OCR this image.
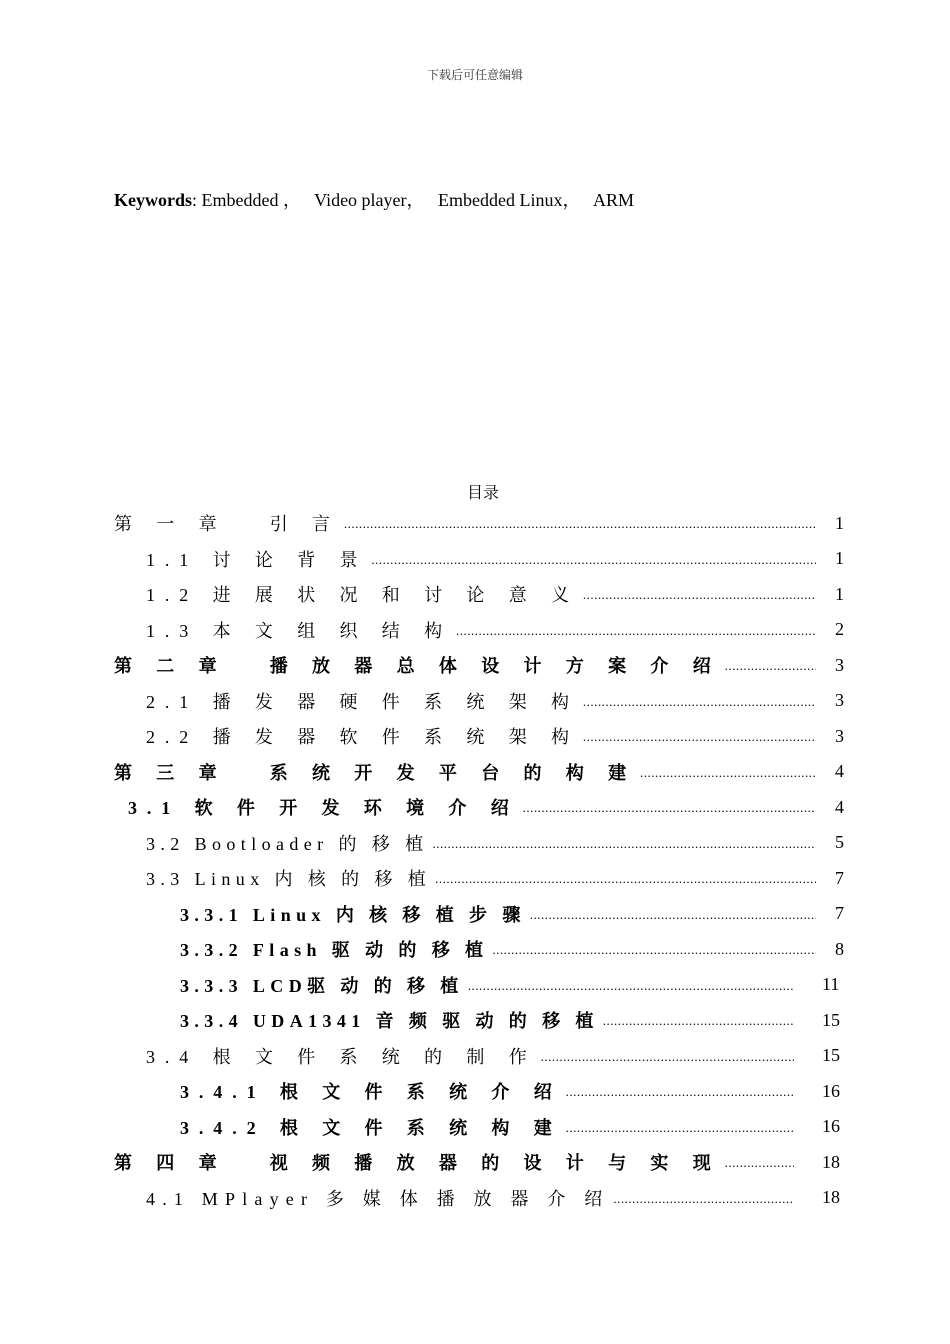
下载后可任意编辑
Keywords: Embedded ，   Video player，   Embedded Linux，   ARM
目录
第 一 章   引 言 .....	1
1.1 讨 论 背 景 .....	1
1.2 进 展 状 况 和 讨 论 意 义 .....	1
1.3 本 文 组 织 结 构 .....	2
第 二 章   播 放 器 总 体 设 计 方 案 介 绍 .....	3
2.1 播 发 器 硬 件 系 统 架 构 .....	3
2.2 播 发 器 软 件 系 统 架 构 .....	3
第 三 章   系 统 开 发 平 台 的 构 建 .....	4
3.1 软 件 开 发 环 境 介 绍 .....	4
3.2 Bootloader 的 移 植 .....	5
3.3 Linux 内 核 的 移 植 .....	7
3.3.1 Linux 内 核 移 植 步 骤 .....	7
3.3.2 Flash 驱 动 的 移 植 .....	8
3.3.3 LCD驱 动 的 移 植 .....	11
3.3.4 UDA1341 音 频 驱 动 的 移 植 .....	15
3.4 根 文 件 系 统 的 制 作 .....	15
3.4.1 根 文 件 系 统 介 绍 .....	16
3.4.2 根 文 件 系 统 构 建 .....	16
第 四 章   视 频 播 放 器 的 设 计 与 实 现 .....	18
4.1 MPlayer 多 媒 体 播 放 器 介 绍 .....	18
